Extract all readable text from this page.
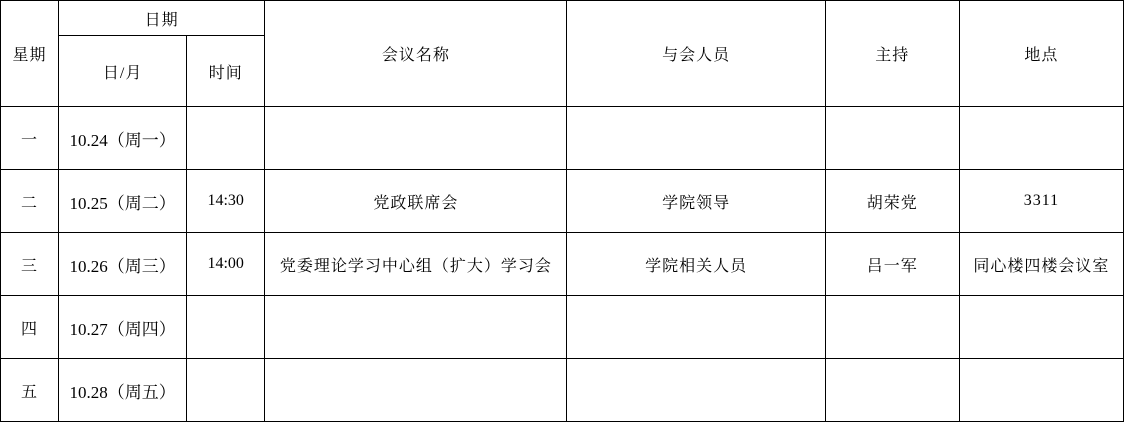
星期	日期		会议名称	与会人员	主持	地点
	日/月	时间				
一	10.24（周一）					
二	10.25（周二）	14:30	党政联席会	学院领导	胡荣党	3311
三	10.26（周三）	14:00	党委理论学习中心组（扩大）学习会	学院相关人员	吕一军	同心楼四楼会议室
四	10.27（周四）					
五	10.28（周五）					
